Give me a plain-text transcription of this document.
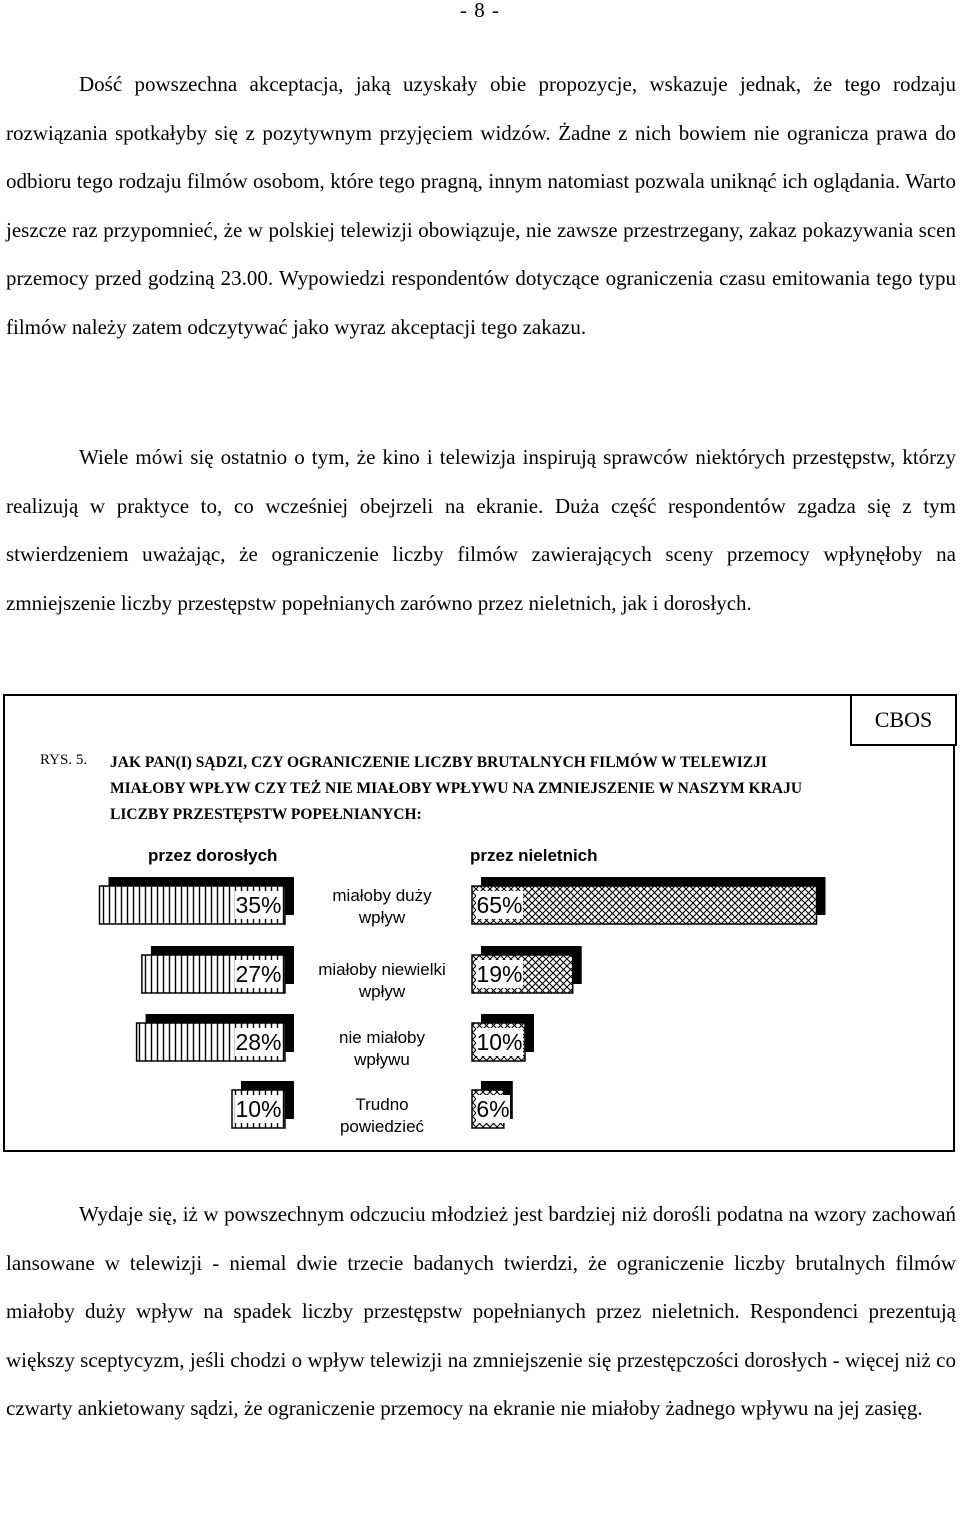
- 8 -

Dość powszechna akceptacja, jaką uzyskały obie propozycje, wskazuje jednak, że tego rodzaju rozwiązania spotkałyby się z pozytywnym przyjęciem widzów. Żadne z nich bowiem nie ogranicza prawa do odbioru tego rodzaju filmów osobom, które tego pragną, innym natomiast pozwala uniknąć ich oglądania. Warto jeszcze raz przypomnieć, że w polskiej telewizji obowiązuje, nie zawsze przestrzegany, zakaz pokazywania scen przemocy przed godziną 23.00. Wypowiedzi respondentów dotyczące ograniczenia czasu emitowania tego typu filmów należy zatem odczytywać jako wyraz akceptacji tego zakazu.

Wiele mówi się ostatnio o tym, że kino i telewizja inspirują sprawców niektórych przestępstw, którzy realizują w praktyce to, co wcześniej obejrzeli na ekranie. Duża część respondentów zgadza się z tym stwierdzeniem uważając, że ograniczenie liczby filmów zawierających sceny przemocy wpłynęłoby na zmniejszenie liczby przestępstw popełnianych zarówno przez nieletnich, jak i dorosłych.

CBOS
RYS. 5. JAK PAN(I) SĄDZI, CZY OGRANICZENIE LICZBY BRUTALNYCH FILMÓW W TELEWIZJI MIAŁOBY WPŁYW CZY TEŻ NIE MIAŁOBY WPŁYWU NA ZMNIEJSZENIE W NASZYM KRAJU LICZBY PRZESTĘPSTW POPEŁNIANYCH:

przez dorosłych	przez nieletnich
35%
27%
28%
10%
65%
19%
10%
6%
miałoby duży wpływ
miałoby niewielki wpływ
nie miałoby wpływu
Trudno powiedzieć

Wydaje się, iż w powszechnym odczuciu młodzież jest bardziej niż dorośli podatna na wzory zachowań lansowane w telewizji - niemal dwie trzecie badanych twierdzi, że ograniczenie liczby brutalnych filmów miałoby duży wpływ na spadek liczby przestępstw popełnianych przez nieletnich. Respondenci prezentują większy sceptycyzm, jeśli chodzi o wpływ telewizji na zmniejszenie się przestępczości dorosłych - więcej niż co czwarty ankietowany sądzi, że ograniczenie przemocy na ekranie nie miałoby żadnego wpływu na jej zasięg.
